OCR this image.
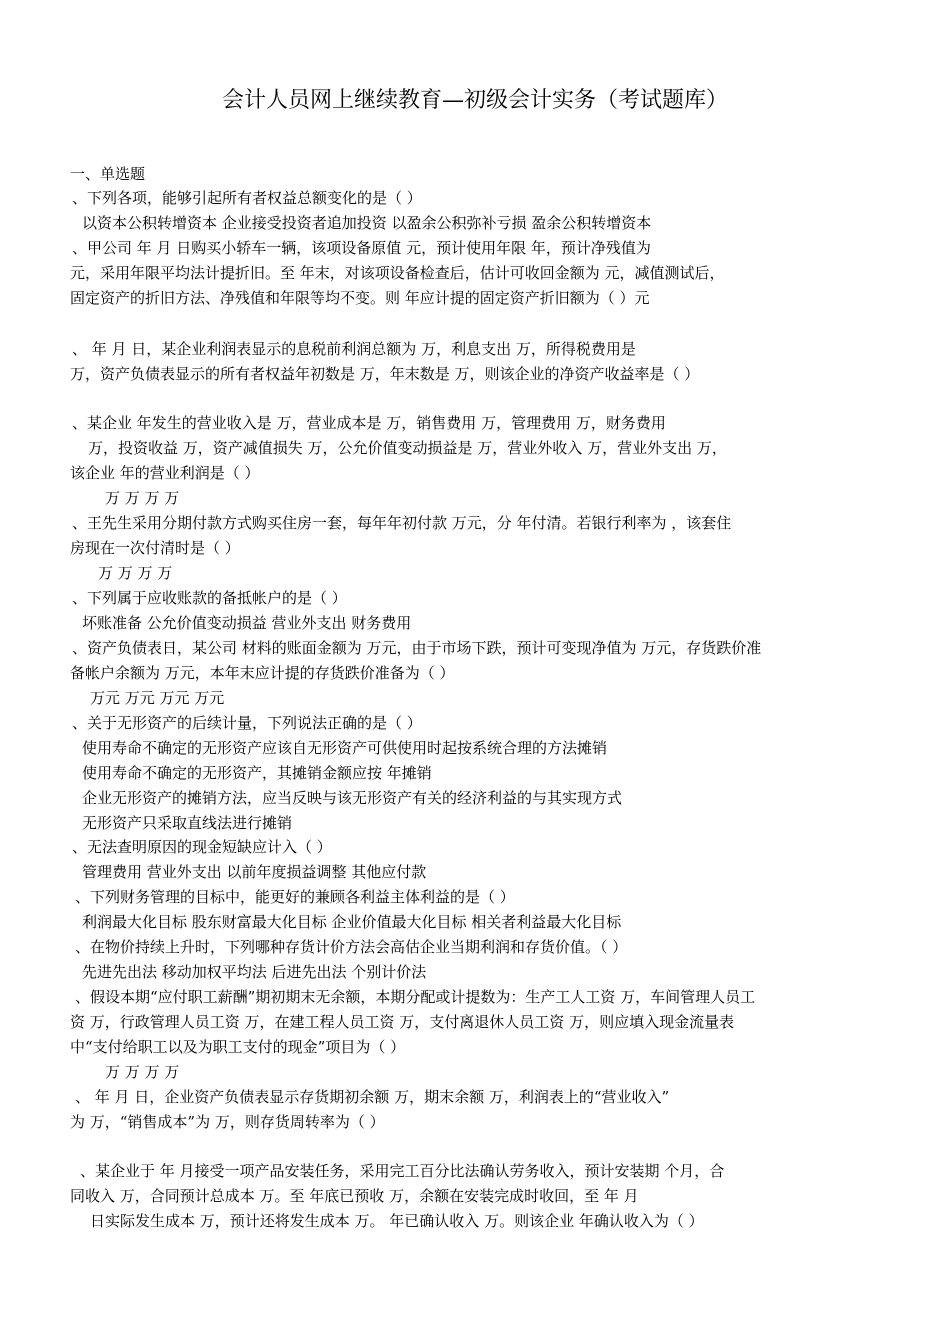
会计人员网上继续教育—初级会计实务（考试题库）
一、单选题
、下列各项，能够引起所有者权益总额变化的是（ ）
以资本公积转增资本 企业接受投资者追加投资 以盈余公积弥补亏损 盈余公积转增资本
、甲公司 年 月 日购买小轿车一辆，该项设备原值 元，预计使用年限 年，预计净残值为
元，采用年限平均法计提折旧。至 年末，对该项设备检查后，估计可收回金额为 元，减值测试后，
固定资产的折旧方法、净残值和年限等均不变。则 年应计提的固定资产折旧额为（ ）元
、 年 月 日，某企业利润表显示的息税前利润总额为 万，利息支出 万，所得税费用是
万，资产负债表显示的所有者权益年初数是 万，年末数是 万，则该企业的净资产收益率是（ ）
、某企业 年发生的营业收入是 万，营业成本是 万，销售费用 万，管理费用 万，财务费用
万，投资收益 万，资产减值损失 万，公允价值变动损益是 万，营业外收入 万，营业外支出 万，
该企业 年的营业利润是（ ）
万 万 万 万
、王先生采用分期付款方式购买住房一套，每年年初付款 万元，分 年付清。若银行利率为 ，该套住
房现在一次付清时是（ ）
万 万 万 万
、下列属于应收账款的备抵帐户的是（ ）
坏账准备 公允价值变动损益 营业外支出 财务费用
、资产负债表日，某公司 材料的账面金额为 万元，由于市场下跌，预计可变现净值为 万元，存货跌价准
备帐户余额为 万元，本年末应计提的存货跌价准备为（ ）
万元 万元 万元 万元
、关于无形资产的后续计量，下列说法正确的是（ ）
使用寿命不确定的无形资产应该自无形资产可供使用时起按系统合理的方法摊销
使用寿命不确定的无形资产，其摊销金额应按 年摊销
企业无形资产的摊销方法，应当反映与该无形资产有关的经济利益的与其实现方式
无形资产只采取直线法进行摊销
、无法查明原因的现金短缺应计入（ ）
管理费用 营业外支出 以前年度损益调整 其他应付款
、下列财务管理的目标中，能更好的兼顾各利益主体利益的是（ ）
利润最大化目标 股东财富最大化目标 企业价值最大化目标 相关者利益最大化目标
、在物价持续上升时，下列哪种存货计价方法会高估企业当期利润和存货价值。（ ）
先进先出法 移动加权平均法 后进先出法 个别计价法
、假设本期“应付职工薪酬”期初期末无余额，本期分配或计提数为：生产工人工资 万，车间管理人员工
资 万，行政管理人员工资 万，在建工程人员工资 万，支付离退休人员工资 万，则应填入现金流量表
中“支付给职工以及为职工支付的现金”项目为（ ）
万 万 万 万
、 年 月 日，企业资产负债表显示存货期初余额 万，期末余额 万，利润表上的“营业收入”
为 万，“销售成本”为 万，则存货周转率为（ ）
、某企业于 年 月接受一项产品安装任务，采用完工百分比法确认劳务收入，预计安装期 个月，合
同收入 万，合同预计总成本 万。至 年底已预收 万，余额在安装完成时收回，至 年 月
日实际发生成本 万，预计还将发生成本 万。 年已确认收入 万。则该企业 年确认收入为（ ）
